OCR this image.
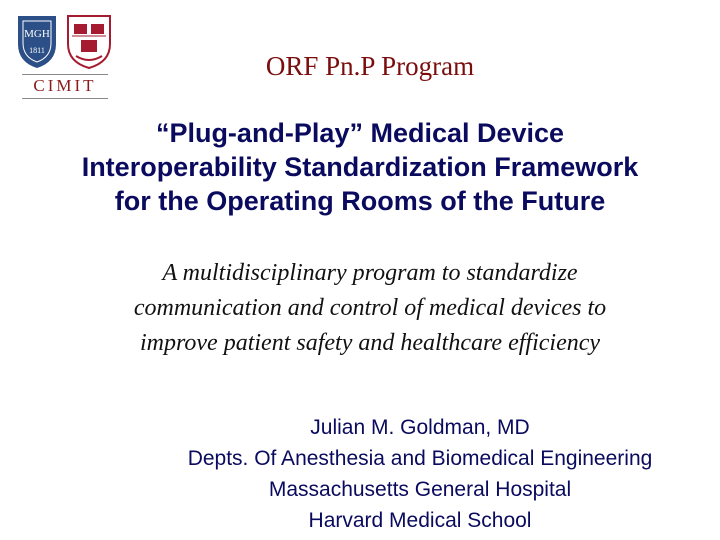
MGH
1811
CIMIT
ORF Pn.P Program
“Plug-and-Play” Medical Device
Interoperability Standardization Framework
for the Operating Rooms of the Future
A multidisciplinary program to standardize
communication and control of medical devices to
improve patient safety and healthcare efficiency
Julian M. Goldman, MD
Depts. Of Anesthesia and Biomedical Engineering
Massachusetts General Hospital
Harvard Medical School
